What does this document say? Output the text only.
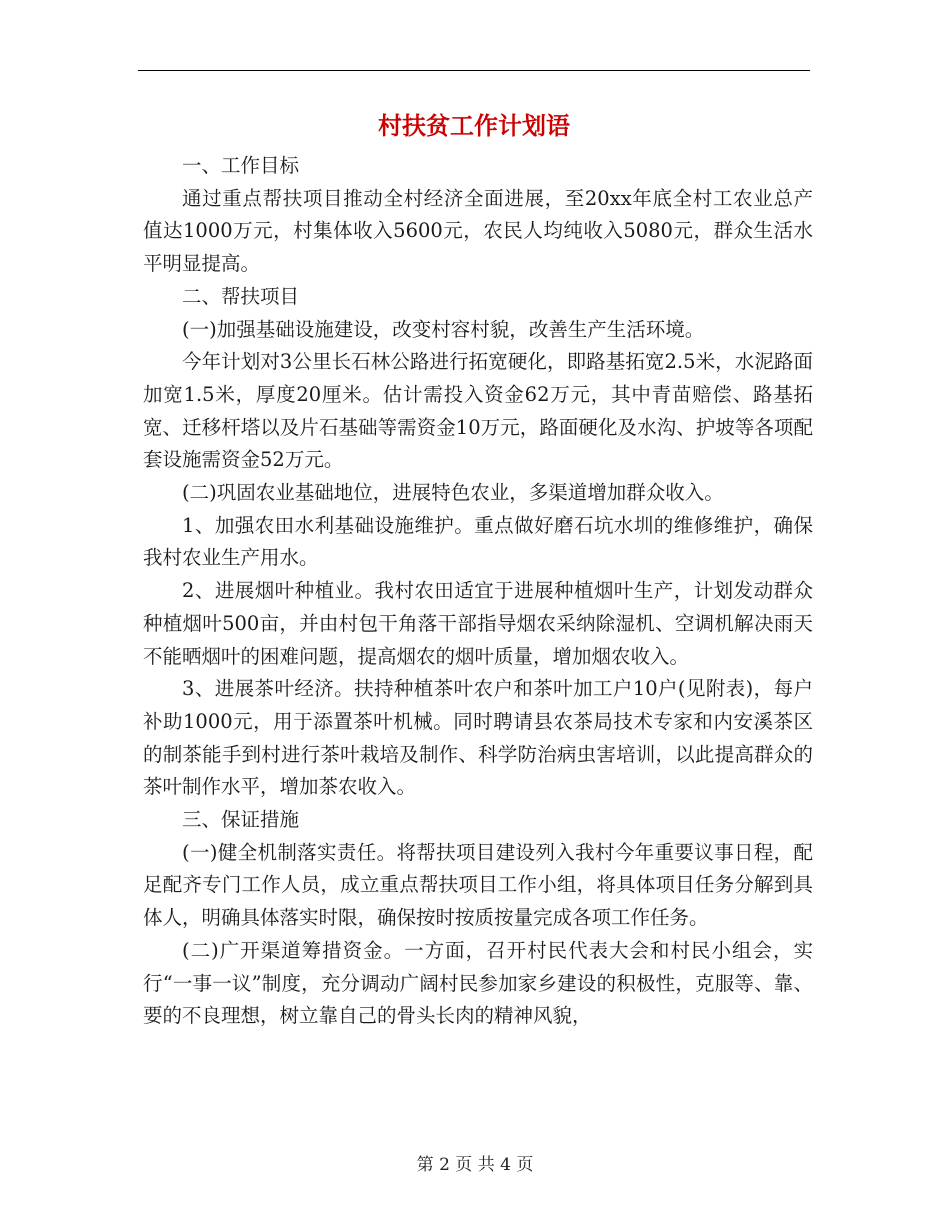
村扶贫工作计划语

一、工作目标

通过重点帮扶项目推动全村经济全面进展，至20xx年底全村工农业总产值达1000万元，村集体收入5600元，农民人均纯收入5080元，群众生活水平明显提高。

二、帮扶项目

(一)加强基础设施建设，改变村容村貌，改善生产生活环境。

今年计划对3公里长石林公路进行拓宽硬化，即路基拓宽2.5米，水泥路面加宽1.5米，厚度20厘米。估计需投入资金62万元，其中青苗赔偿、路基拓宽、迁移杆塔以及片石基础等需资金10万元，路面硬化及水沟、护坡等各项配套设施需资金52万元。

(二)巩固农业基础地位，进展特色农业，多渠道增加群众收入。

1、加强农田水利基础设施维护。重点做好磨石坑水圳的维修维护，确保我村农业生产用水。

2、进展烟叶种植业。我村农田适宜于进展种植烟叶生产，计划发动群众种植烟叶500亩，并由村包干角落干部指导烟农采纳除湿机、空调机解决雨天不能晒烟叶的困难问题，提高烟农的烟叶质量，增加烟农收入。

3、进展茶叶经济。扶持种植茶叶农户和茶叶加工户10户(见附表)，每户补助1000元，用于添置茶叶机械。同时聘请县农茶局技术专家和内安溪茶区的制茶能手到村进行茶叶栽培及制作、科学防治病虫害培训，以此提高群众的茶叶制作水平，增加茶农收入。

三、保证措施

(一)健全机制落实责任。将帮扶项目建设列入我村今年重要议事日程，配足配齐专门工作人员，成立重点帮扶项目工作小组，将具体项目任务分解到具体人，明确具体落实时限，确保按时按质按量完成各项工作任务。

(二)广开渠道筹措资金。一方面，召开村民代表大会和村民小组会，实行“一事一议”制度，充分调动广阔村民参加家乡建设的积极性，克服等、靠、要的不良理想，树立靠自己的骨头长肉的精神风貌，

第 2 页 共 4 页
